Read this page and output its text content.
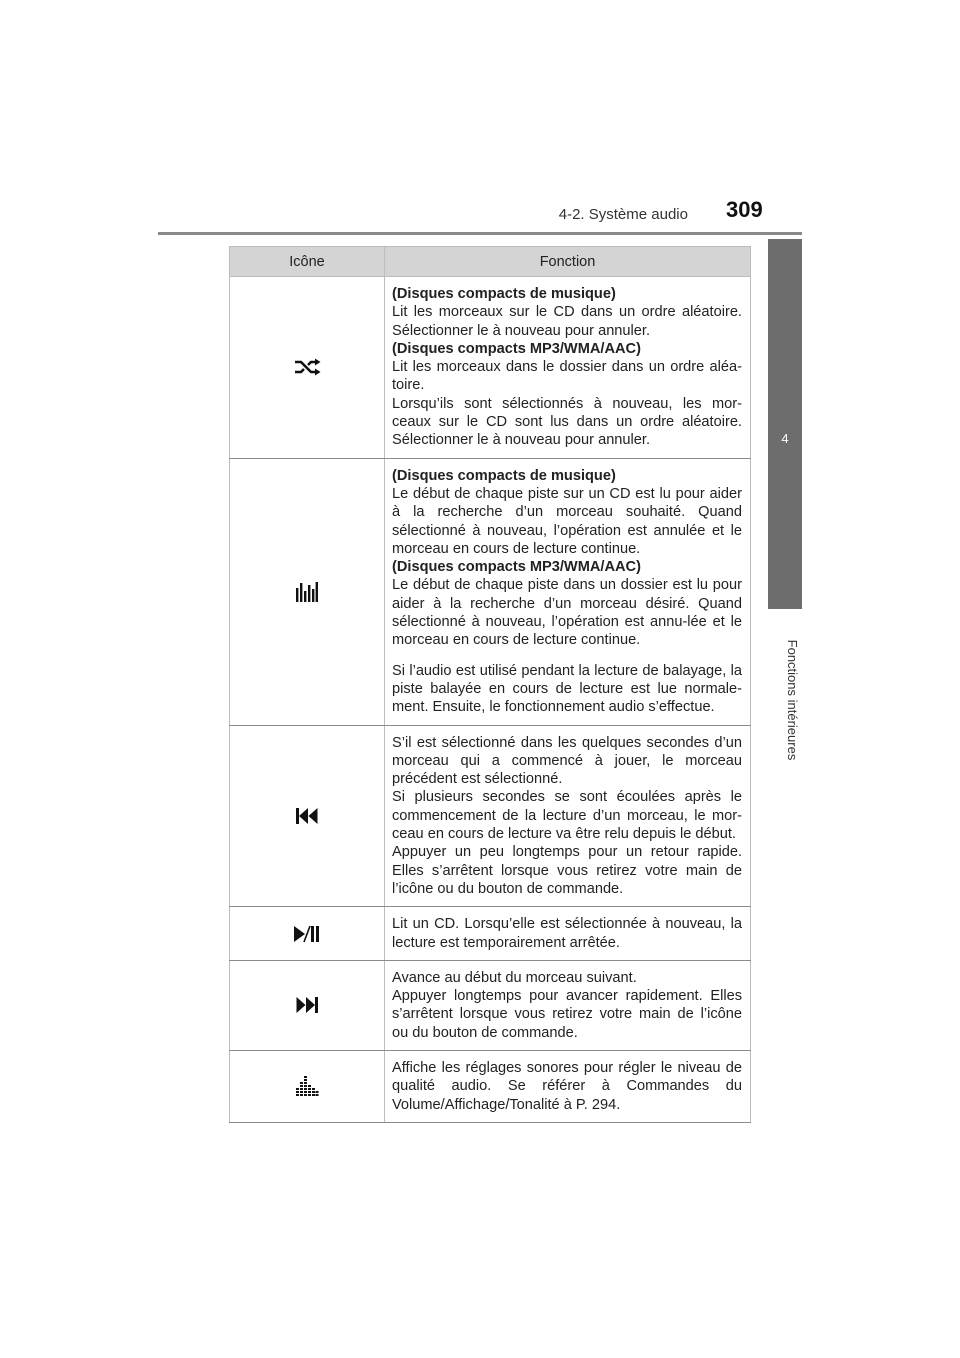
4-2. Système audio 309
4
Fonctions intérieures
Icône	Fonction

(Disques compacts de musique)
Lit les morceaux sur le CD dans un ordre aléatoire. Sélectionner le à nouveau pour annuler.
(Disques compacts MP3/WMA/AAC)
Lit les morceaux dans le dossier dans un ordre aléa-toire.
Lorsqu’ils sont sélectionnés à nouveau, les mor-ceaux sur le CD sont lus dans un ordre aléatoire. Sélectionner le à nouveau pour annuler.

(Disques compacts de musique)
Le début de chaque piste sur un CD est lu pour aider à la recherche d’un morceau souhaité. Quand sélectionné à nouveau, l’opération est annulée et le morceau en cours de lecture continue.
(Disques compacts MP3/WMA/AAC)
Le début de chaque piste dans un dossier est lu pour aider à la recherche d’un morceau désiré. Quand sélectionné à nouveau, l’opération est annu-lée et le morceau en cours de lecture continue.
Si l’audio est utilisé pendant la lecture de balayage, la piste balayée en cours de lecture est lue normale-ment. Ensuite, le fonctionnement audio s’effectue.

S’il est sélectionné dans les quelques secondes d’un morceau qui a commencé à jouer, le morceau précédent est sélectionné.
Si plusieurs secondes se sont écoulées après le commencement de la lecture d’un morceau, le mor-ceau en cours de lecture va être relu depuis le début.
Appuyer un peu longtemps pour un retour rapide. Elles s’arrêtent lorsque vous retirez votre main de l’icône ou du bouton de commande.

Lit un CD. Lorsqu’elle est sélectionnée à nouveau, la lecture est temporairement arrêtée.

Avance au début du morceau suivant.
Appuyer longtemps pour avancer rapidement. Elles s’arrêtent lorsque vous retirez votre main de l’icône ou du bouton de commande.

Affiche les réglages sonores pour régler le niveau de qualité audio. Se référer à Commandes du Volume/Affichage/Tonalité à P. 294.
